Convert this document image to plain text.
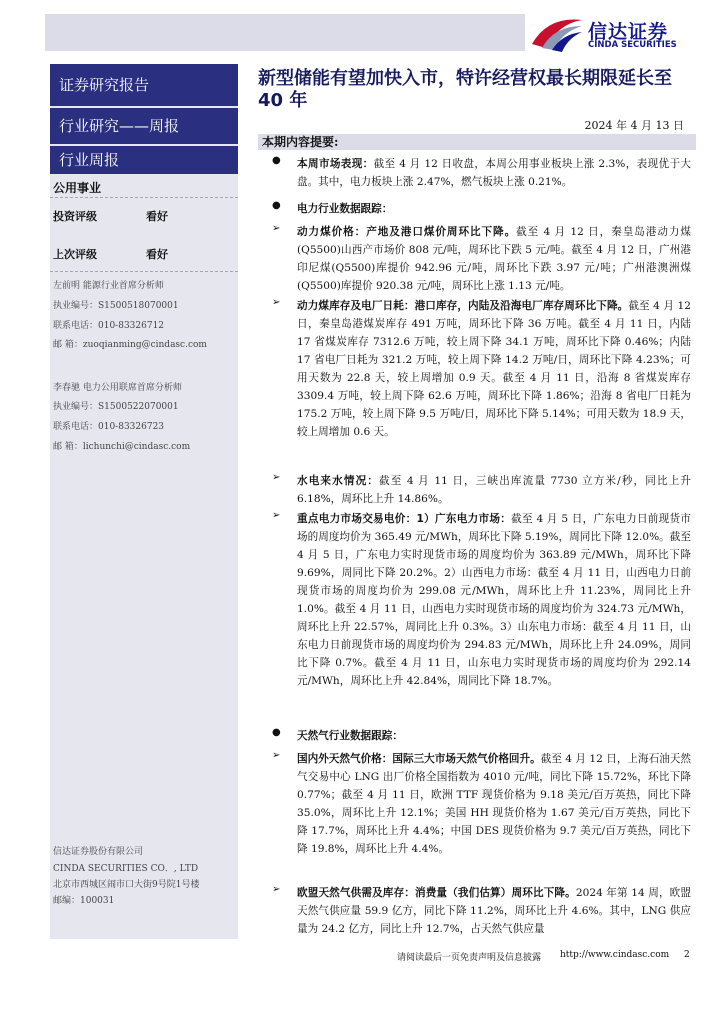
信达证券
CINDA SECURITIES
证券研究报告
行业研究——周报
行业周报
公用事业
投资评级	看好
上次评级	看好
左前明 能源行业首席分析师
执业编号：S1500518070001
联系电话：010-83326712
邮 箱：zuoqianming@cindasc.com
李春驰 电力公用联席首席分析师
执业编号：S1500522070001
联系电话：010-83326723
邮 箱：lichunchi@cindasc.com
信达证券股份有限公司
CINDA SECURITIES CO．, LTD
北京市西城区闹市口大街9号院1号楼
邮编：100031
新型储能有望加快入市，特许经营权最长期限延长至 40 年
2024 年 4 月 13 日
本期内容提要:
● 本周市场表现：截至 4 月 12 日收盘，本周公用事业板块上涨 2.3%，表现优于大盘。其中，电力板块上涨 2.47%，燃气板块上涨 0.21%。
● 电力行业数据跟踪：
➢ 动力煤价格：产地及港口煤价周环比下降。截至 4 月 12 日，秦皇岛港动力煤(Q5500)山西产市场价 808 元/吨，周环比下跌 5 元/吨。截至 4 月 12 日，广州港印尼煤(Q5500)库提价 942.96 元/吨，周环比下跌 3.97 元/吨；广州港澳洲煤(Q5500)库提价 920.38 元/吨，周环比上涨 1.13 元/吨。
➢ 动力煤库存及电厂日耗：港口库存，内陆及沿海电厂库存周环比下降。截至 4 月 12 日，秦皇岛港煤炭库存 491 万吨，周环比下降 36 万吨。截至 4 月 11 日，内陆 17 省煤炭库存 7312.6 万吨，较上周下降 34.1 万吨，周环比下降 0.46%；内陆 17 省电厂日耗为 321.2 万吨，较上周下降 14.2 万吨/日，周环比下降 4.23%；可用天数为 22.8 天，较上周增加 0.9 天。截至 4 月 11 日，沿海 8 省煤炭库存 3309.4 万吨，较上周下降 62.6 万吨，周环比下降 1.86%；沿海 8 省电厂日耗为 175.2 万吨，较上周下降 9.5 万吨/日，周环比下降 5.14%；可用天数为 18.9 天，较上周增加 0.6 天。
➢ 水电来水情况：截至 4 月 11 日，三峡出库流量 7730 立方米/秒，同比上升 6.18%，周环比上升 14.86%。
➢ 重点电力市场交易电价：1）广东电力市场：截至 4 月 5 日，广东电力日前现货市场的周度均价为 365.49 元/MWh，周环比下降 5.19%，周同比下降 12.0%。截至 4 月 5 日，广东电力实时现货市场的周度均价为 363.89 元/MWh，周环比下降 9.69%，周同比下降 20.2%。2）山西电力市场：截至 4 月 11 日，山西电力日前现货市场的周度均价为 299.08 元/MWh，周环比上升 11.23%，周同比上升 1.0%。截至 4 月 11 日，山西电力实时现货市场的周度均价为 324.73 元/MWh，周环比上升 22.57%，周同比上升 0.3%。3）山东电力市场：截至 4 月 11 日，山东电力日前现货市场的周度均价为 294.83 元/MWh，周环比上升 24.09%，周同比下降 0.7%。截至 4 月 11 日，山东电力实时现货市场的周度均价为 292.14 元/MWh，周环比上升 42.84%，周同比下降 18.7%。
● 天然气行业数据跟踪：
➢ 国内外天然气价格：国际三大市场天然气价格回升。截至 4 月 12 日，上海石油天然气交易中心 LNG 出厂价格全国指数为 4010 元/吨，同比下降 15.72%，环比下降 0.77%；截至 4 月 11 日，欧洲 TTF 现货价格为 9.18 美元/百万英热，同比下降 35.0%，周环比上升 12.1%；美国 HH 现货价格为 1.67 美元/百万英热，同比下降 17.7%，周环比上升 4.4%；中国 DES 现货价格为 9.7 美元/百万英热，同比下降 19.8%，周环比上升 4.4%。
➢ 欧盟天然气供需及库存：消费量（我们估算）周环比下降。2024 年第 14 周，欧盟天然气供应量 59.9 亿方，同比下降 11.2%，周环比上升 4.6%。其中，LNG 供应量为 24.2 亿方，同比上升 12.7%，占天然气供应量
请阅读最后一页免责声明及信息披露 http://www.cindasc.com 2
